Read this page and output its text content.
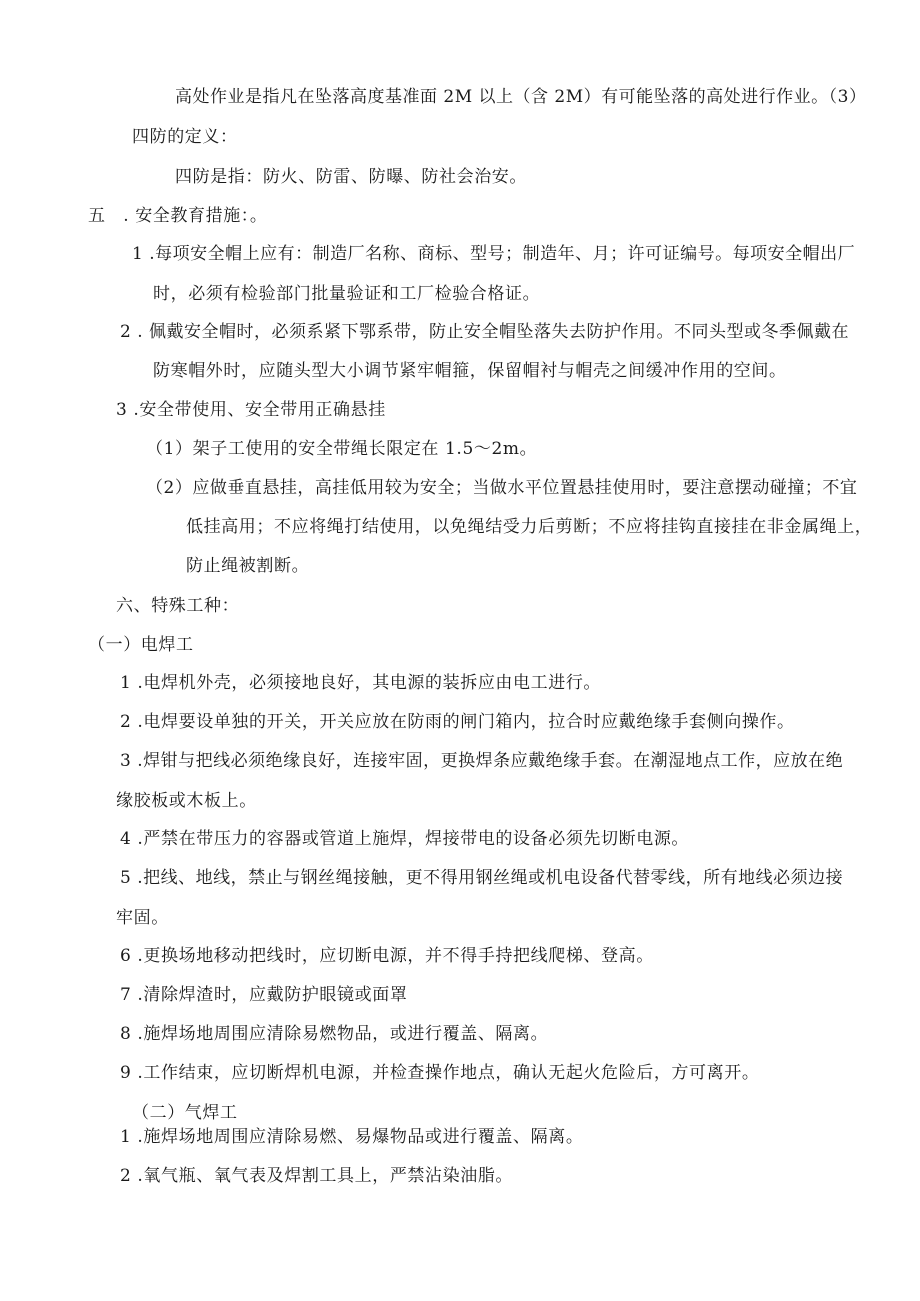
高处作业是指凡在坠落高度基准面 2M 以上（含 2M）有可能坠落的高处进行作业。（3）
四防的定义：
四防是指：防火、防雷、防曝、防社会治安。
五　. 安全教育措施：。
1 .每项安全帽上应有：制造厂名称、商标、型号；制造年、月；许可证编号。每项安全帽出厂
时，必须有检验部门批量验证和工厂检验合格证。
2 . 佩戴安全帽时，必须系紧下鄂系带，防止安全帽坠落失去防护作用。不同头型或冬季佩戴在
防寒帽外时，应随头型大小调节紧牢帽箍，保留帽衬与帽壳之间缓冲作用的空间。
3 .安全带使用、安全带用正确悬挂
（1）架子工使用的安全带绳长限定在 1.5～2m。
（2）应做垂直悬挂，高挂低用较为安全；当做水平位置悬挂使用时，要注意摆动碰撞；不宜
低挂高用；不应将绳打结使用，以免绳结受力后剪断；不应将挂钩直接挂在非金属绳上，
防止绳被割断。
六、特殊工种：
（一）电焊工
1 .电焊机外壳，必须接地良好，其电源的装拆应由电工进行。
2 .电焊要设单独的开关，开关应放在防雨的闸门箱内，拉合时应戴绝缘手套侧向操作。
3 .焊钳与把线必须绝缘良好，连接牢固，更换焊条应戴绝缘手套。在潮湿地点工作，应放在绝
缘胶板或木板上。
4 .严禁在带压力的容器或管道上施焊，焊接带电的设备必须先切断电源。
5 .把线、地线，禁止与钢丝绳接触，更不得用钢丝绳或机电设备代替零线，所有地线必须边接
牢固。
6 .更换场地移动把线时，应切断电源，并不得手持把线爬梯、登高。
7 .清除焊渣时，应戴防护眼镜或面罩
8 .施焊场地周围应清除易燃物品，或进行覆盖、隔离。
9 .工作结束，应切断焊机电源，并检查操作地点，确认无起火危险后，方可离开。
（二）气焊工
1 .施焊场地周围应清除易燃、易爆物品或进行覆盖、隔离。
2 .氧气瓶、氧气表及焊割工具上，严禁沾染油脂。
